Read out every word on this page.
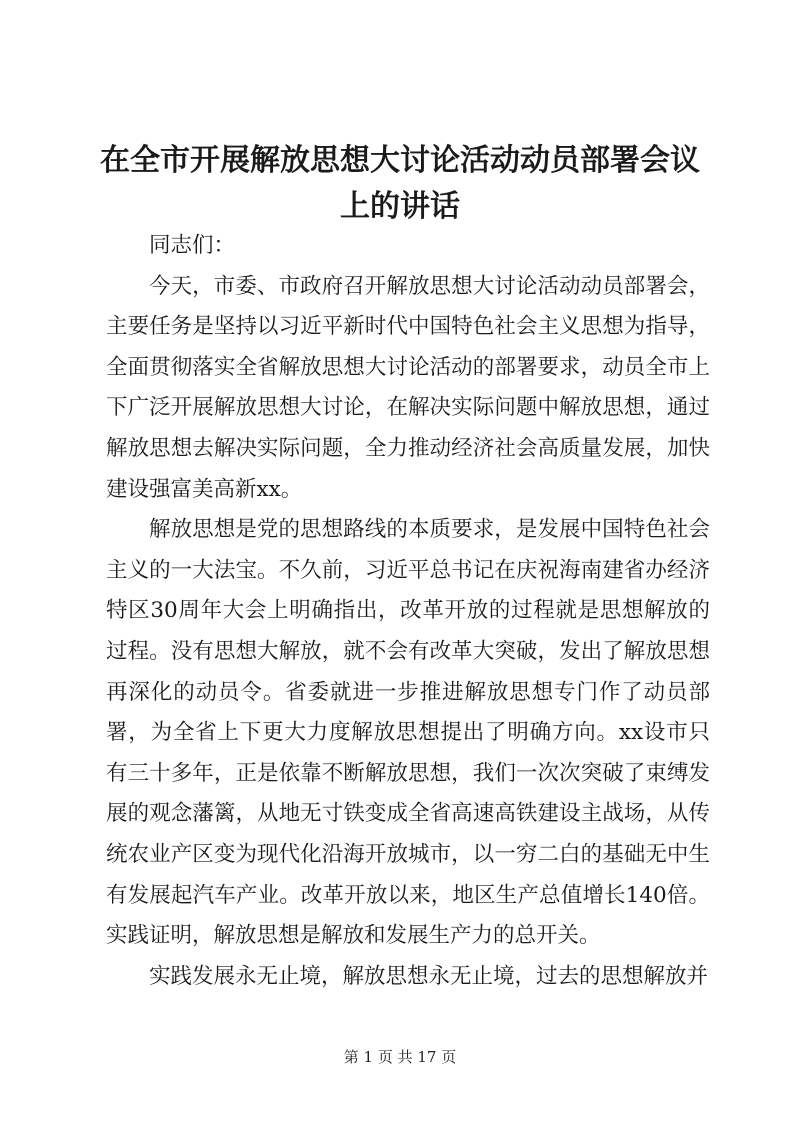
在全市开展解放思想大讨论活动动员部署会议
上的讲话

同志们：

今天，市委、市政府召开解放思想大讨论活动动员部署会，主要任务是坚持以习近平新时代中国特色社会主义思想为指导，全面贯彻落实全省解放思想大讨论活动的部署要求，动员全市上下广泛开展解放思想大讨论，在解决实际问题中解放思想，通过解放思想去解决实际问题，全力推动经济社会高质量发展，加快建设强富美高新xx。

解放思想是党的思想路线的本质要求，是发展中国特色社会主义的一大法宝。不久前，习近平总书记在庆祝海南建省办经济特区30周年大会上明确指出，改革开放的过程就是思想解放的过程。没有思想大解放，就不会有改革大突破，发出了解放思想再深化的动员令。省委就进一步推进解放思想专门作了动员部署，为全省上下更大力度解放思想提出了明确方向。xx设市只有三十多年，正是依靠不断解放思想，我们一次次突破了束缚发展的观念藩篱，从地无寸铁变成全省高速高铁建设主战场，从传统农业产区变为现代化沿海开放城市，以一穷二白的基础无中生有发展起汽车产业。改革开放以来，地区生产总值增长140倍。实践证明，解放思想是解放和发展生产力的总开关。

实践发展永无止境，解放思想永无止境，过去的思想解放并

第 1 页 共 17 页
